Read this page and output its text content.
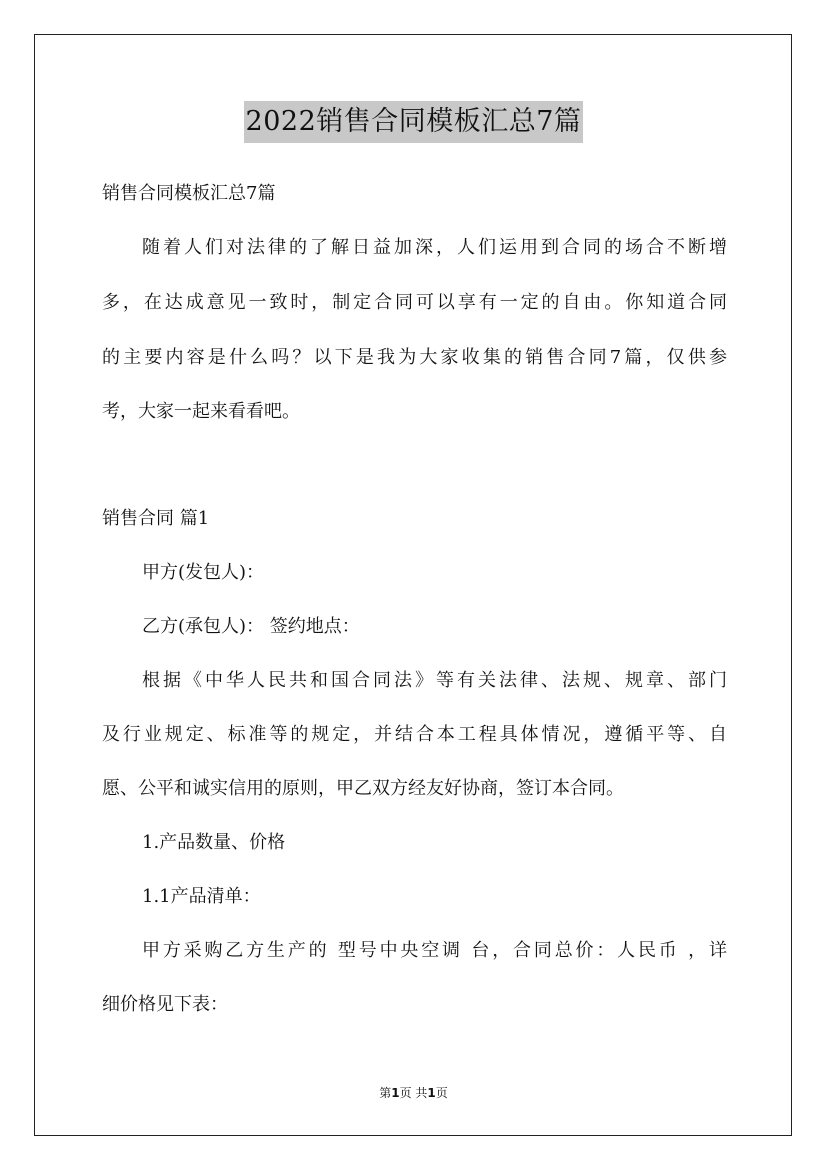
2022销售合同模板汇总7篇

销售合同模板汇总7篇

随着人们对法律的了解日益加深，人们运用到合同的场合不断增

多，在达成意见一致时，制定合同可以享有一定的自由。你知道合同

的主要内容是什么吗？以下是我为大家收集的销售合同7篇，仅供参

考，大家一起来看看吧。

销售合同 篇1

甲方(发包人)：

乙方(承包人)： 签约地点：

根据《中华人民共和国合同法》等有关法律、法规、规章、部门

及行业规定、标准等的规定，并结合本工程具体情况，遵循平等、自

愿、公平和诚实信用的原则，甲乙双方经友好协商，签订本合同。

1.产品数量、价格

1.1产品清单：

甲方采购乙方生产的 型号中央空调 台，合同总价：人民币 ，详

细价格见下表：

第1页 共1页
